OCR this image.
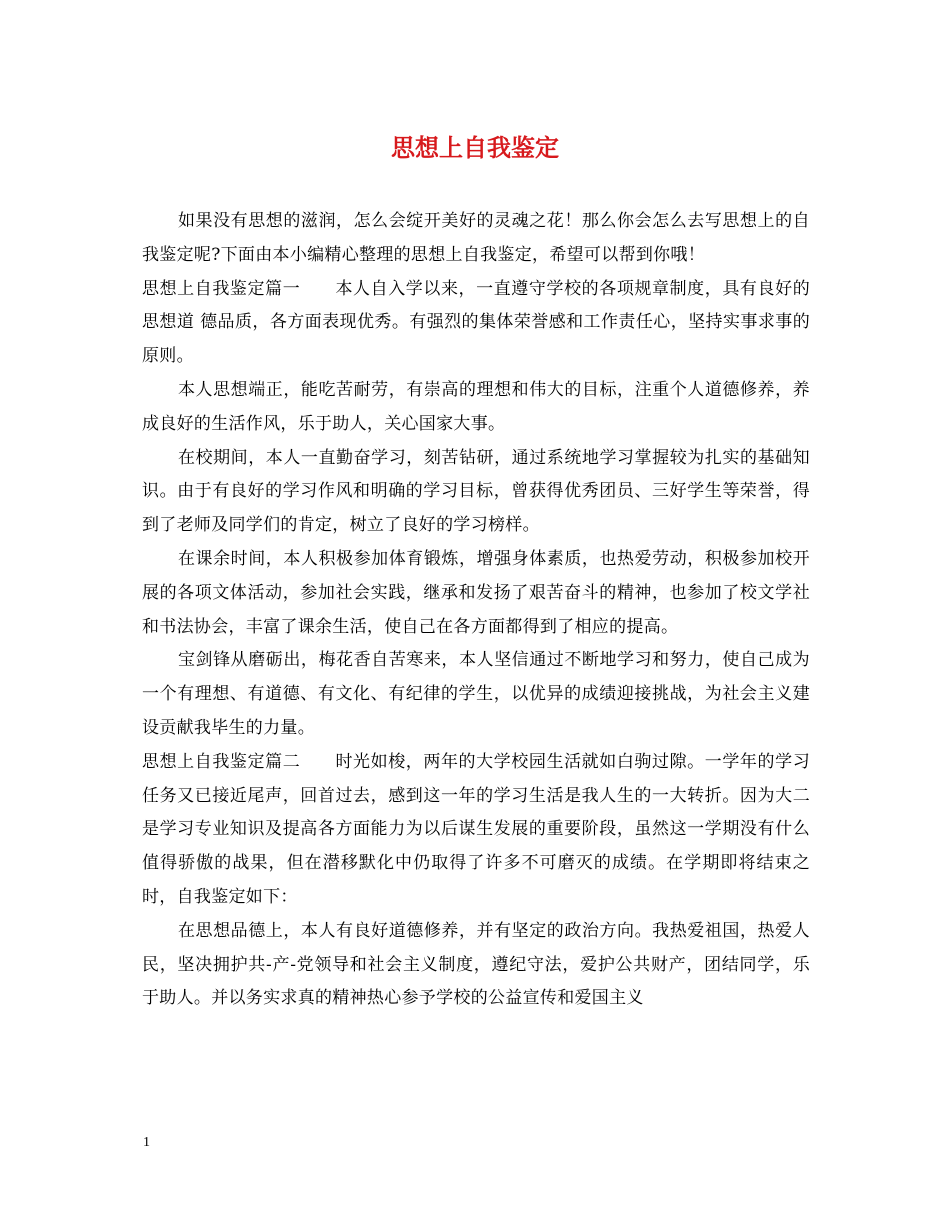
思想上自我鉴定

如果没有思想的滋润，怎么会绽开美好的灵魂之花！那么你会怎么去写思想上的自我鉴定呢?下面由本小编精心整理的思想上自我鉴定，希望可以帮到你哦！

思想上自我鉴定篇一　　本人自入学以来，一直遵守学校的各项规章制度，具有良好的思想道 德品质，各方面表现优秀。有强烈的集体荣誉感和工作责任心，坚持实事求事的原则。

本人思想端正，能吃苦耐劳，有崇高的理想和伟大的目标，注重个人道德修养，养成良好的生活作风，乐于助人，关心国家大事。

在校期间，本人一直勤奋学习，刻苦钻研，通过系统地学习掌握较为扎实的基础知识。由于有良好的学习作风和明确的学习目标，曾获得优秀团员、三好学生等荣誉，得到了老师及同学们的肯定，树立了良好的学习榜样。

在课余时间，本人积极参加体育锻炼，增强身体素质，也热爱劳动，积极参加校开展的各项文体活动，参加社会实践，继承和发扬了艰苦奋斗的精神，也参加了校文学社和书法协会，丰富了课余生活，使自己在各方面都得到了相应的提高。

宝剑锋从磨砺出，梅花香自苦寒来，本人坚信通过不断地学习和努力，使自己成为一个有理想、有道德、有文化、有纪律的学生，以优异的成绩迎接挑战，为社会主义建设贡献我毕生的力量。

思想上自我鉴定篇二　　时光如梭，两年的大学校园生活就如白驹过隙。一学年的学习任务又已接近尾声，回首过去，感到这一年的学习生活是我人生的一大转折。因为大二是学习专业知识及提高各方面能力为以后谋生发展的重要阶段，虽然这一学期没有什么值得骄傲的战果，但在潜移默化中仍取得了许多不可磨灭的成绩。在学期即将结束之时，自我鉴定如下：

在思想品德上，本人有良好道德修养，并有坚定的政治方向。我热爱祖国，热爱人民，坚决拥护共-产-党领导和社会主义制度，遵纪守法，爱护公共财产，团结同学，乐于助人。并以务实求真的精神热心参予学校的公益宣传和爱国主义

1
